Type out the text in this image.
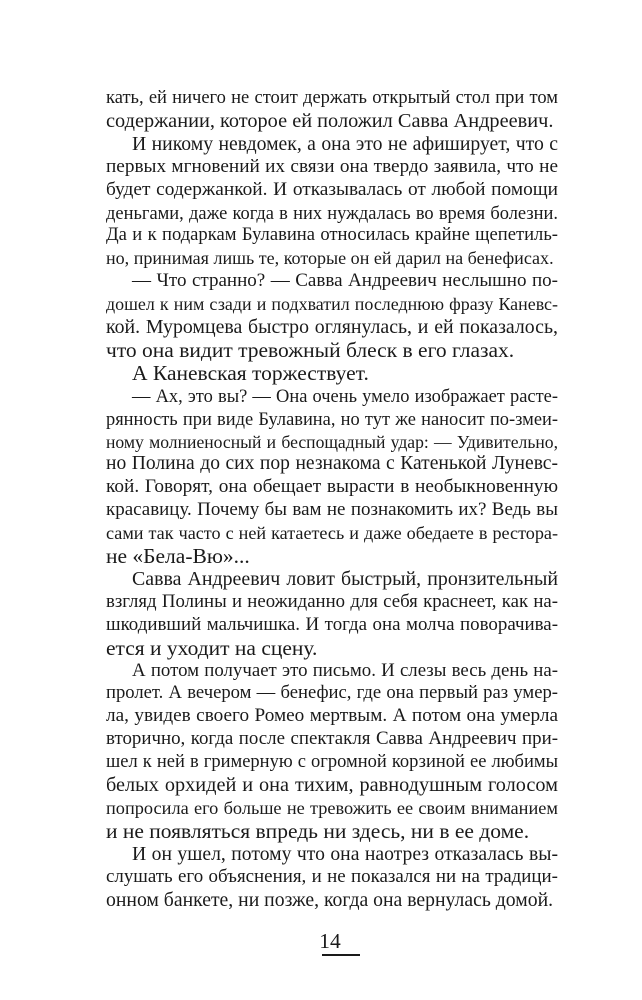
кать, ей ничего не стоит держать открытый стол при том

содержании, которое ей положил Савва Андреевич.

И никому невдомек, а она это не афиширует, что с

первых мгновений их связи она твердо заявила, что не

будет содержанкой. И отказывалась от любой помощи

деньгами, даже когда в них нуждалась во время болезни.

Да и к подаркам Булавина относилась крайне щепетиль-

но, принимая лишь те, которые он ей дарил на бенефисах.

— Что странно? — Савва Андреевич неслышно по-

дошел к ним сзади и подхватил последнюю фразу Каневс-

кой. Муромцева быстро оглянулась, и ей показалось,

что она видит тревожный блеск в его глазах.

А Каневская торжествует.

— Ах, это вы? — Она очень умело изображает расте-

рянность при виде Булавина, но тут же наносит по-змеи-

ному молниеносный и беспощадный удар: — Удивительно,

но Полина до сих пор незнакома с Катенькой Луневс-

кой. Говорят, она обещает вырасти в необыкновенную

красавицу. Почему бы вам не познакомить их? Ведь вы

сами так часто с ней катаетесь и даже обедаете в рестора-

не «Бела-Вю»...

Савва Андреевич ловит быстрый, пронзительный

взгляд Полины и неожиданно для себя краснеет, как на-

шкодивший мальчишка. И тогда она молча поворачива-

ется и уходит на сцену.

А потом получает это письмо. И слезы весь день на-

пролет. А вечером — бенефис, где она первый раз умер-

ла, увидев своего Ромео мертвым. А потом она умерла

вторично, когда после спектакля Савва Андреевич при-

шел к ней в гримерную с огромной корзиной ее любимы

белых орхидей и она тихим, равнодушным голосом

попросила его больше не тревожить ее своим вниманием

и не появляться впредь ни здесь, ни в ее доме.

И он ушел, потому что она наотрез отказалась вы-

слушать его объяснения, и не показался ни на традици-

онном банкете, ни позже, когда она вернулась домой.

14
